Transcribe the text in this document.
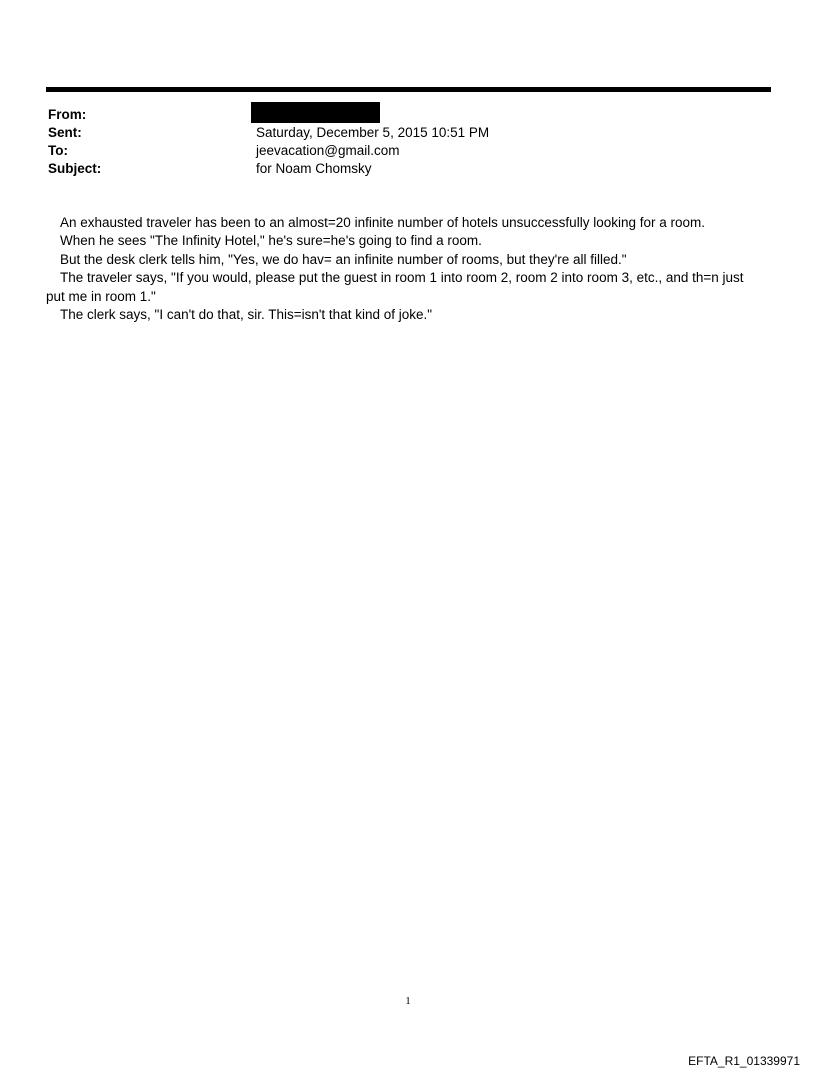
From:
Sent:	Saturday, December 5, 2015 10:51 PM
To:	jeevacation@gmail.com
Subject:	for Noam Chomsky

An exhausted traveler has been to an almost=20 infinite number of hotels unsuccessfully looking for a room.

When he sees "The Infinity Hotel," he's sure=he's going to find a room.

But the desk clerk tells him, "Yes, we do hav= an infinite number of rooms, but they're all filled."

The traveler says, "If you would, please put the guest in room 1 into room 2, room 2 into room 3, etc., and th=n just put me in room 1."

The clerk says, "I can't do that, sir. This=isn't that kind of joke."

1
EFTA_R1_01339971
